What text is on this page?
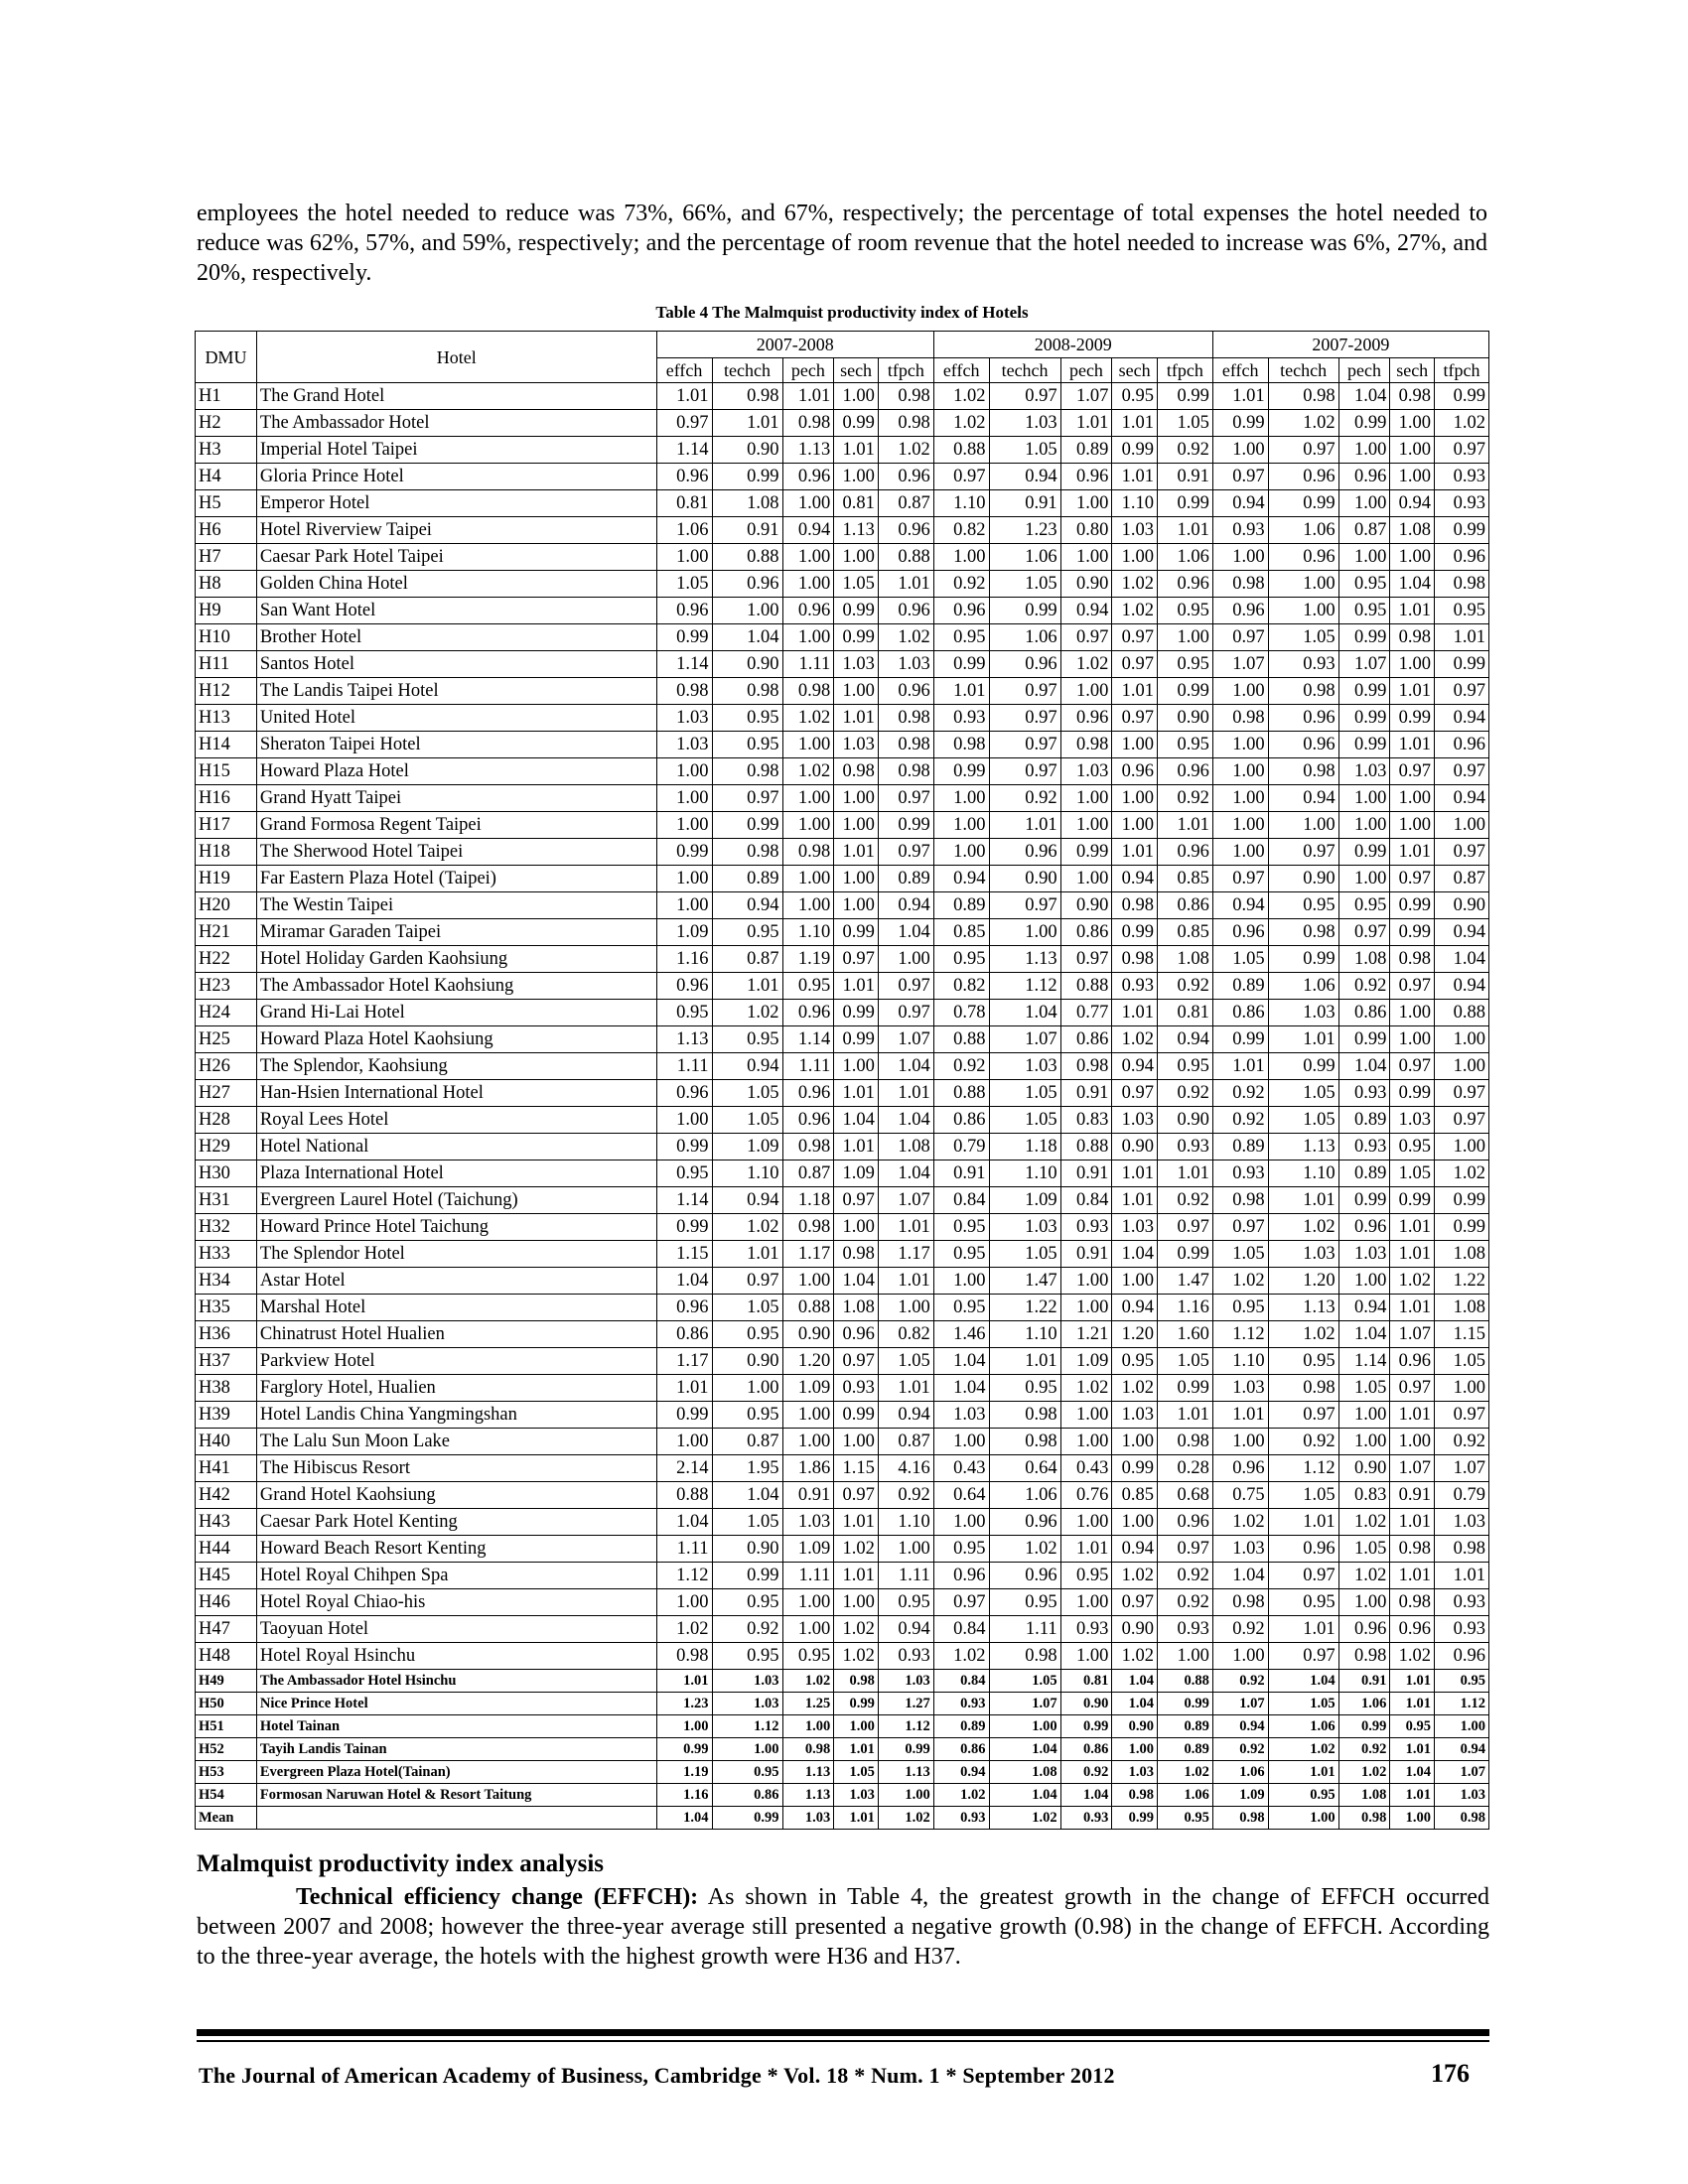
employees the hotel needed to reduce was 73%, 66%, and 67%, respectively; the percentage of total expenses the hotel needed to reduce was 62%, 57%, and 59%, respectively; and the percentage of room revenue that the hotel needed to increase was 6%, 27%, and 20%, respectively.

Table 4 The Malmquist productivity index of Hotels
DMU	Hotel	2007-2008					2008-2009					2007-2009				
		effch	techch	pech	sech	tfpch	effch	techch	pech	sech	tfpch	effch	techch	pech	sech	tfpch
H1	The Grand Hotel	1.01	0.98	1.01	1.00	0.98	1.02	0.97	1.07	0.95	0.99	1.01	0.98	1.04	0.98	0.99
H2	The Ambassador Hotel	0.97	1.01	0.98	0.99	0.98	1.02	1.03	1.01	1.01	1.05	0.99	1.02	0.99	1.00	1.02
H3	Imperial Hotel Taipei	1.14	0.90	1.13	1.01	1.02	0.88	1.05	0.89	0.99	0.92	1.00	0.97	1.00	1.00	0.97
H4	Gloria Prince Hotel	0.96	0.99	0.96	1.00	0.96	0.97	0.94	0.96	1.01	0.91	0.97	0.96	0.96	1.00	0.93
H5	Emperor Hotel	0.81	1.08	1.00	0.81	0.87	1.10	0.91	1.00	1.10	0.99	0.94	0.99	1.00	0.94	0.93
H6	Hotel Riverview Taipei	1.06	0.91	0.94	1.13	0.96	0.82	1.23	0.80	1.03	1.01	0.93	1.06	0.87	1.08	0.99
H7	Caesar Park Hotel Taipei	1.00	0.88	1.00	1.00	0.88	1.00	1.06	1.00	1.00	1.06	1.00	0.96	1.00	1.00	0.96
H8	Golden China Hotel	1.05	0.96	1.00	1.05	1.01	0.92	1.05	0.90	1.02	0.96	0.98	1.00	0.95	1.04	0.98
H9	San Want Hotel	0.96	1.00	0.96	0.99	0.96	0.96	0.99	0.94	1.02	0.95	0.96	1.00	0.95	1.01	0.95
H10	Brother Hotel	0.99	1.04	1.00	0.99	1.02	0.95	1.06	0.97	0.97	1.00	0.97	1.05	0.99	0.98	1.01
H11	Santos Hotel	1.14	0.90	1.11	1.03	1.03	0.99	0.96	1.02	0.97	0.95	1.07	0.93	1.07	1.00	0.99
H12	The Landis Taipei Hotel	0.98	0.98	0.98	1.00	0.96	1.01	0.97	1.00	1.01	0.99	1.00	0.98	0.99	1.01	0.97
H13	United Hotel	1.03	0.95	1.02	1.01	0.98	0.93	0.97	0.96	0.97	0.90	0.98	0.96	0.99	0.99	0.94
H14	Sheraton Taipei Hotel	1.03	0.95	1.00	1.03	0.98	0.98	0.97	0.98	1.00	0.95	1.00	0.96	0.99	1.01	0.96
H15	Howard Plaza Hotel	1.00	0.98	1.02	0.98	0.98	0.99	0.97	1.03	0.96	0.96	1.00	0.98	1.03	0.97	0.97
H16	Grand Hyatt Taipei	1.00	0.97	1.00	1.00	0.97	1.00	0.92	1.00	1.00	0.92	1.00	0.94	1.00	1.00	0.94
H17	Grand Formosa Regent Taipei	1.00	0.99	1.00	1.00	0.99	1.00	1.01	1.00	1.00	1.01	1.00	1.00	1.00	1.00	1.00
H18	The Sherwood Hotel Taipei	0.99	0.98	0.98	1.01	0.97	1.00	0.96	0.99	1.01	0.96	1.00	0.97	0.99	1.01	0.97
H19	Far Eastern Plaza Hotel (Taipei)	1.00	0.89	1.00	1.00	0.89	0.94	0.90	1.00	0.94	0.85	0.97	0.90	1.00	0.97	0.87
H20	The Westin Taipei	1.00	0.94	1.00	1.00	0.94	0.89	0.97	0.90	0.98	0.86	0.94	0.95	0.95	0.99	0.90
H21	Miramar Garaden Taipei	1.09	0.95	1.10	0.99	1.04	0.85	1.00	0.86	0.99	0.85	0.96	0.98	0.97	0.99	0.94
H22	Hotel Holiday Garden Kaohsiung	1.16	0.87	1.19	0.97	1.00	0.95	1.13	0.97	0.98	1.08	1.05	0.99	1.08	0.98	1.04
H23	The Ambassador Hotel Kaohsiung	0.96	1.01	0.95	1.01	0.97	0.82	1.12	0.88	0.93	0.92	0.89	1.06	0.92	0.97	0.94
H24	Grand Hi-Lai Hotel	0.95	1.02	0.96	0.99	0.97	0.78	1.04	0.77	1.01	0.81	0.86	1.03	0.86	1.00	0.88
H25	Howard Plaza Hotel Kaohsiung	1.13	0.95	1.14	0.99	1.07	0.88	1.07	0.86	1.02	0.94	0.99	1.01	0.99	1.00	1.00
H26	The Splendor, Kaohsiung	1.11	0.94	1.11	1.00	1.04	0.92	1.03	0.98	0.94	0.95	1.01	0.99	1.04	0.97	1.00
H27	Han-Hsien International Hotel	0.96	1.05	0.96	1.01	1.01	0.88	1.05	0.91	0.97	0.92	0.92	1.05	0.93	0.99	0.97
H28	Royal Lees Hotel	1.00	1.05	0.96	1.04	1.04	0.86	1.05	0.83	1.03	0.90	0.92	1.05	0.89	1.03	0.97
H29	Hotel National	0.99	1.09	0.98	1.01	1.08	0.79	1.18	0.88	0.90	0.93	0.89	1.13	0.93	0.95	1.00
H30	Plaza International Hotel	0.95	1.10	0.87	1.09	1.04	0.91	1.10	0.91	1.01	1.01	0.93	1.10	0.89	1.05	1.02
H31	Evergreen Laurel Hotel (Taichung)	1.14	0.94	1.18	0.97	1.07	0.84	1.09	0.84	1.01	0.92	0.98	1.01	0.99	0.99	0.99
H32	Howard Prince Hotel Taichung	0.99	1.02	0.98	1.00	1.01	0.95	1.03	0.93	1.03	0.97	0.97	1.02	0.96	1.01	0.99
H33	The Splendor Hotel	1.15	1.01	1.17	0.98	1.17	0.95	1.05	0.91	1.04	0.99	1.05	1.03	1.03	1.01	1.08
H34	Astar Hotel	1.04	0.97	1.00	1.04	1.01	1.00	1.47	1.00	1.00	1.47	1.02	1.20	1.00	1.02	1.22
H35	Marshal Hotel	0.96	1.05	0.88	1.08	1.00	0.95	1.22	1.00	0.94	1.16	0.95	1.13	0.94	1.01	1.08
H36	Chinatrust Hotel Hualien	0.86	0.95	0.90	0.96	0.82	1.46	1.10	1.21	1.20	1.60	1.12	1.02	1.04	1.07	1.15
H37	Parkview Hotel	1.17	0.90	1.20	0.97	1.05	1.04	1.01	1.09	0.95	1.05	1.10	0.95	1.14	0.96	1.05
H38	Farglory Hotel, Hualien	1.01	1.00	1.09	0.93	1.01	1.04	0.95	1.02	1.02	0.99	1.03	0.98	1.05	0.97	1.00
H39	Hotel Landis China Yangmingshan	0.99	0.95	1.00	0.99	0.94	1.03	0.98	1.00	1.03	1.01	1.01	0.97	1.00	1.01	0.97
H40	The Lalu Sun Moon Lake	1.00	0.87	1.00	1.00	0.87	1.00	0.98	1.00	1.00	0.98	1.00	0.92	1.00	1.00	0.92
H41	The Hibiscus Resort	2.14	1.95	1.86	1.15	4.16	0.43	0.64	0.43	0.99	0.28	0.96	1.12	0.90	1.07	1.07
H42	Grand Hotel Kaohsiung	0.88	1.04	0.91	0.97	0.92	0.64	1.06	0.76	0.85	0.68	0.75	1.05	0.83	0.91	0.79
H43	Caesar Park Hotel Kenting	1.04	1.05	1.03	1.01	1.10	1.00	0.96	1.00	1.00	0.96	1.02	1.01	1.02	1.01	1.03
H44	Howard Beach Resort Kenting	1.11	0.90	1.09	1.02	1.00	0.95	1.02	1.01	0.94	0.97	1.03	0.96	1.05	0.98	0.98
H45	Hotel Royal Chihpen Spa	1.12	0.99	1.11	1.01	1.11	0.96	0.96	0.95	1.02	0.92	1.04	0.97	1.02	1.01	1.01
H46	Hotel Royal Chiao-his	1.00	0.95	1.00	1.00	0.95	0.97	0.95	1.00	0.97	0.92	0.98	0.95	1.00	0.98	0.93
H47	Taoyuan Hotel	1.02	0.92	1.00	1.02	0.94	0.84	1.11	0.93	0.90	0.93	0.92	1.01	0.96	0.96	0.93
H48	Hotel Royal Hsinchu	0.98	0.95	0.95	1.02	0.93	1.02	0.98	1.00	1.02	1.00	1.00	0.97	0.98	1.02	0.96
H49	The Ambassador Hotel Hsinchu	1.01	1.03	1.02	0.98	1.03	0.84	1.05	0.81	1.04	0.88	0.92	1.04	0.91	1.01	0.95
H50	Nice Prince Hotel	1.23	1.03	1.25	0.99	1.27	0.93	1.07	0.90	1.04	0.99	1.07	1.05	1.06	1.01	1.12
H51	Hotel Tainan	1.00	1.12	1.00	1.00	1.12	0.89	1.00	0.99	0.90	0.89	0.94	1.06	0.99	0.95	1.00
H52	Tayih Landis Tainan	0.99	1.00	0.98	1.01	0.99	0.86	1.04	0.86	1.00	0.89	0.92	1.02	0.92	1.01	0.94
H53	Evergreen Plaza Hotel(Tainan)	1.19	0.95	1.13	1.05	1.13	0.94	1.08	0.92	1.03	1.02	1.06	1.01	1.02	1.04	1.07
H54	Formosan Naruwan Hotel & Resort Taitung	1.16	0.86	1.13	1.03	1.00	1.02	1.04	1.04	0.98	1.06	1.09	0.95	1.08	1.01	1.03
Mean		1.04	0.99	1.03	1.01	1.02	0.93	1.02	0.93	0.99	0.95	0.98	1.00	0.98	1.00	0.98
Malmquist productivity index analysis

Technical efficiency change (EFFCH): As shown in Table 4, the greatest growth in the change of EFFCH occurred between 2007 and 2008; however the three-year average still presented a negative growth (0.98) in the change of EFFCH. According to the three-year average, the hotels with the highest growth were H36 and H37.

The Journal of American Academy of Business, Cambridge * Vol. 18 * Num. 1 * September 2012	176
